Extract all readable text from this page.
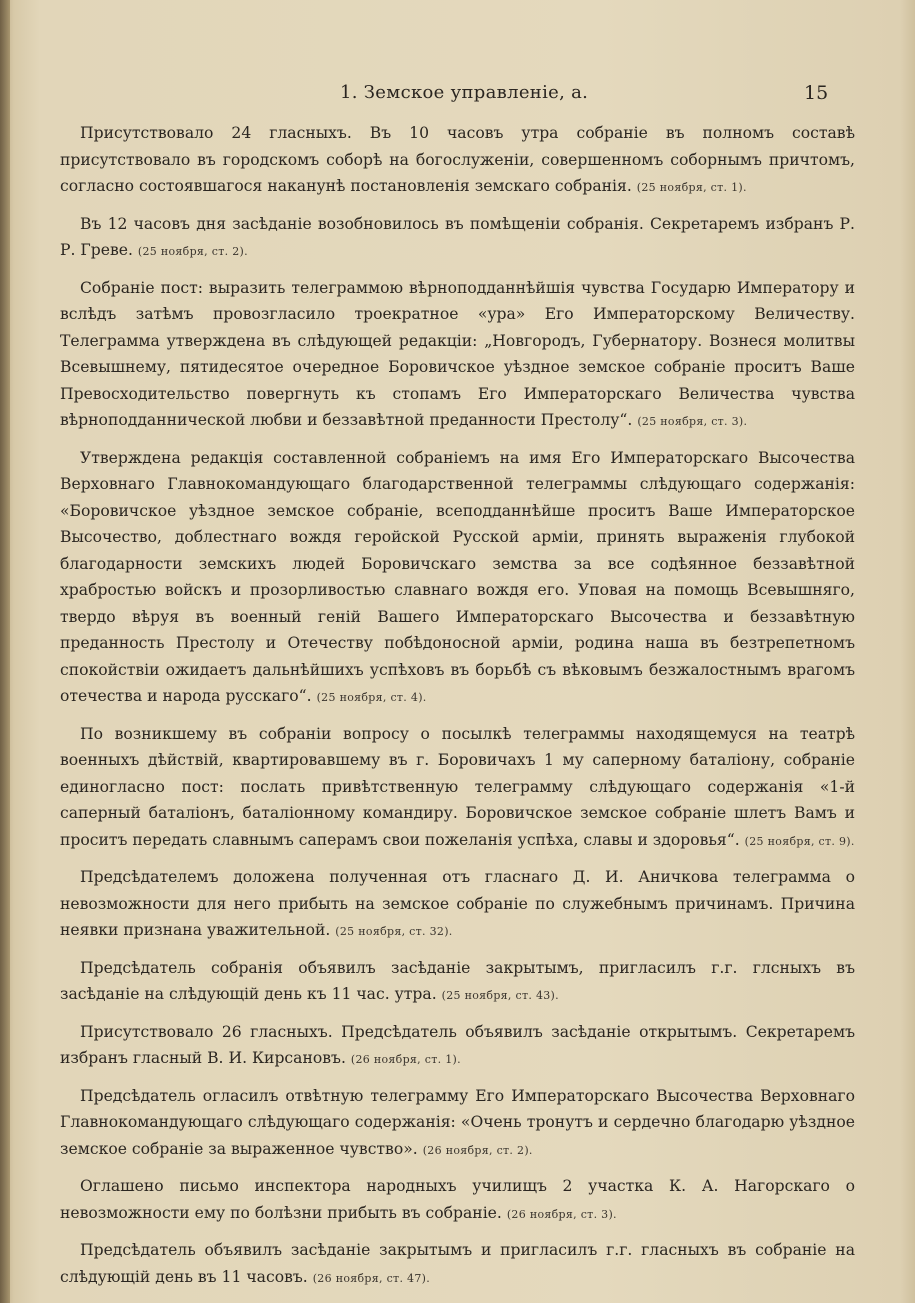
1. Земское управленіе, а.	15

Присутствовало 24 гласныхъ. Въ 10 часовъ утра собраніе въ полномъ составѣ присутствовало въ городскомъ соборѣ на богослуженіи, совершенномъ соборнымъ причтомъ, согласно состоявшагося наканунѣ постановленія земскаго собранія. (25 ноября, ст. 1).

Въ 12 часовъ дня засѣданіе возобновилось въ помѣщеніи собранія. Секретаремъ избранъ Р. Р. Греве. (25 ноября, ст. 2).

Собраніе пост: выразить телеграммою вѣрноподданнѣйшія чувства Государю Императору и вслѣдъ затѣмъ провозгласило троекратное «ура» Его Императорскому Величеству. Телеграмма утверждена въ слѣдующей редакціи: „Новгородъ, Губернатору. Вознеся молитвы Всевышнему, пятидесятое очередное Боровичское уѣздное земское собраніе проситъ Ваше Превосходительство повергнуть къ стопамъ Его Императорскаго Величества чувства вѣрноподданнической любви и беззавѣтной преданности Престолу“. (25 ноября, ст. 3).

Утверждена редакція составленной собраніемъ на имя Его Императорскаго Высочества Верховнаго Главнокомандующаго благодарственной телеграммы слѣдующаго содержанія: «Боровичское уѣздное земское собраніе, всеподданнѣйше проситъ Ваше Императорское Высочество, доблестнаго вождя геройской Русской арміи, принять выраженія глубокой благодарности земскихъ людей Боровичскаго земства за все содѣянное беззавѣтной храбростью войскъ и прозорливостью славнаго вождя его. Уповая на помощь Всевышняго, твердо вѣруя въ военный геній Вашего Императорскаго Высочества и беззавѣтную преданность Престолу и Отечеству побѣдоносной арміи, родина наша въ безтрепетномъ спокойствіи ожидаетъ дальнѣйшихъ успѣховъ въ борьбѣ съ вѣковымъ безжалостнымъ врагомъ отечества и народа русскаго“. (25 ноября, ст. 4).

По возникшему въ собраніи вопросу о посылкѣ телеграммы находящемуся на театрѣ военныхъ дѣйствій, квартировавшему въ г. Боровичахъ 1 му саперному баталіону, собраніе единогласно пост: послать привѣтственную телеграмму слѣдующаго содержанія «1-й саперный баталіонъ, баталіонному командиру. Боровичское земское собраніе шлетъ Вамъ и проситъ передать славнымъ саперамъ свои пожеланія успѣха, славы и здоровья“. (25 ноября, ст. 9).

Предсѣдателемъ доложена полученная отъ гласнаго Д. И. Аничкова телеграмма о невозможности для него прибыть на земское собраніе по служебнымъ причинамъ. Причина неявки признана уважительной. (25 ноября, ст. 32).

Предсѣдатель собранія объявилъ засѣданіе закрытымъ, пригласилъ г.г. глсныхъ въ засѣданіе на слѣдующій день къ 11 час. утра. (25 ноября, ст. 43).

Присутствовало 26 гласныхъ. Предсѣдатель объявилъ засѣданіе открытымъ. Секретаремъ избранъ гласный В. И. Кирсановъ. (26 ноября, ст. 1).

Предсѣдатель огласилъ отвѣтную телеграмму Его Императорскаго Высочества Верховнаго Главнокомандующаго слѣдующаго содержанія: «Очень тронутъ и сердечно благодарю уѣздное земское собраніе за выраженное чувство». (26 ноября, ст. 2).

Оглашено письмо инспектора народныхъ училищъ 2 участка К. А. Нагорскаго о невозможности ему по болѣзни прибыть въ собраніе. (26 ноября, ст. 3).

Предсѣдатель объявилъ засѣданіе закрытымъ и пригласилъ г.г. гласныхъ въ собраніе на слѣдующій день въ 11 часовъ. (26 ноября, ст. 47).
